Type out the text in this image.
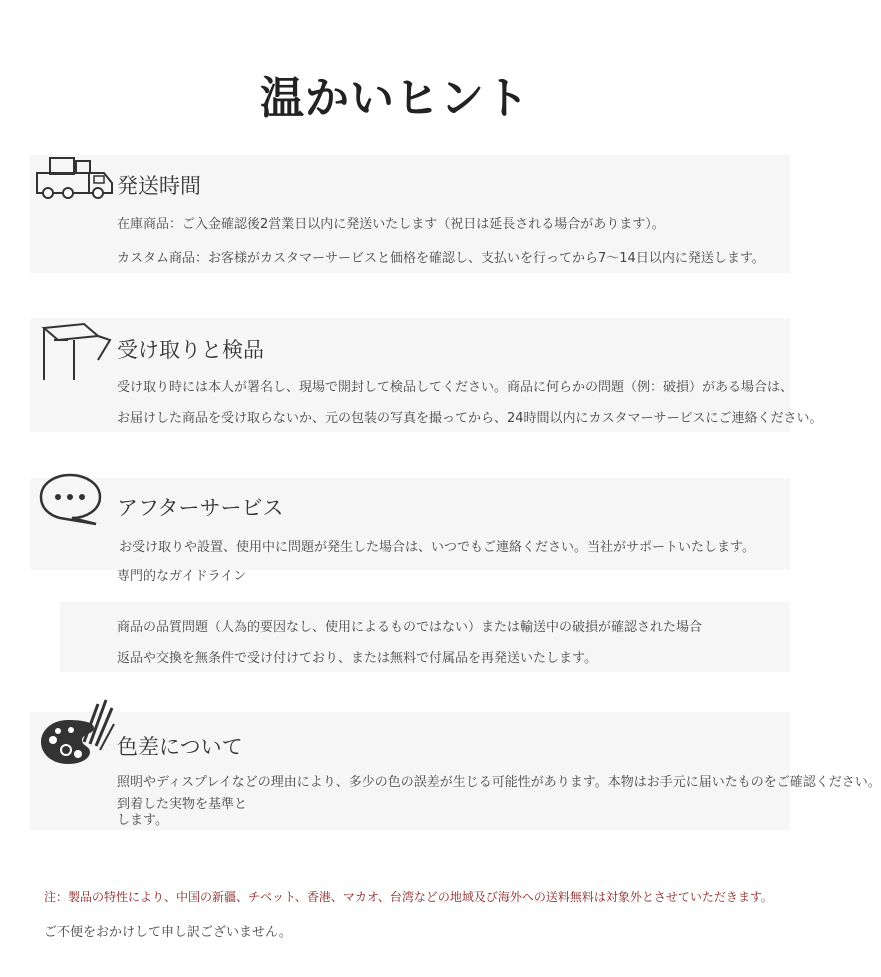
温かいヒント
発送時間
在庫商品：ご入金確認後2営業日以内に発送いたします（祝日は延長される場合があります）。
カスタム商品：お客様がカスタマーサービスと価格を確認し、支払いを行ってから7〜14日以内に発送します。
受け取りと検品
受け取り時には本人が署名し、現場で開封して検品してください。商品に何らかの問題（例：破損）がある場合は、
お届けした商品を受け取らないか、元の包装の写真を撮ってから、24時間以内にカスタマーサービスにご連絡ください。
アフターサービス
お受け取りや設置、使用中に問題が発生した場合は、いつでもご連絡ください。当社がサポートいたします。
専門的なガイドライン
商品の品質問題（人為的要因なし、使用によるものではない）または輸送中の破損が確認された場合
返品や交換を無条件で受け付けており、または無料で付属品を再発送いたします。
色差について
照明やディスプレイなどの理由により、多少の色の誤差が生じる可能性があります。本物はお手元に届いたものをご確認ください。
到着した実物を基準とします。
注：製品の特性により、中国の新疆、チベット、香港、マカオ、台湾などの地域及び海外への送料無料は対象外とさせていただきます。
ご不便をおかけして申し訳ございません。
